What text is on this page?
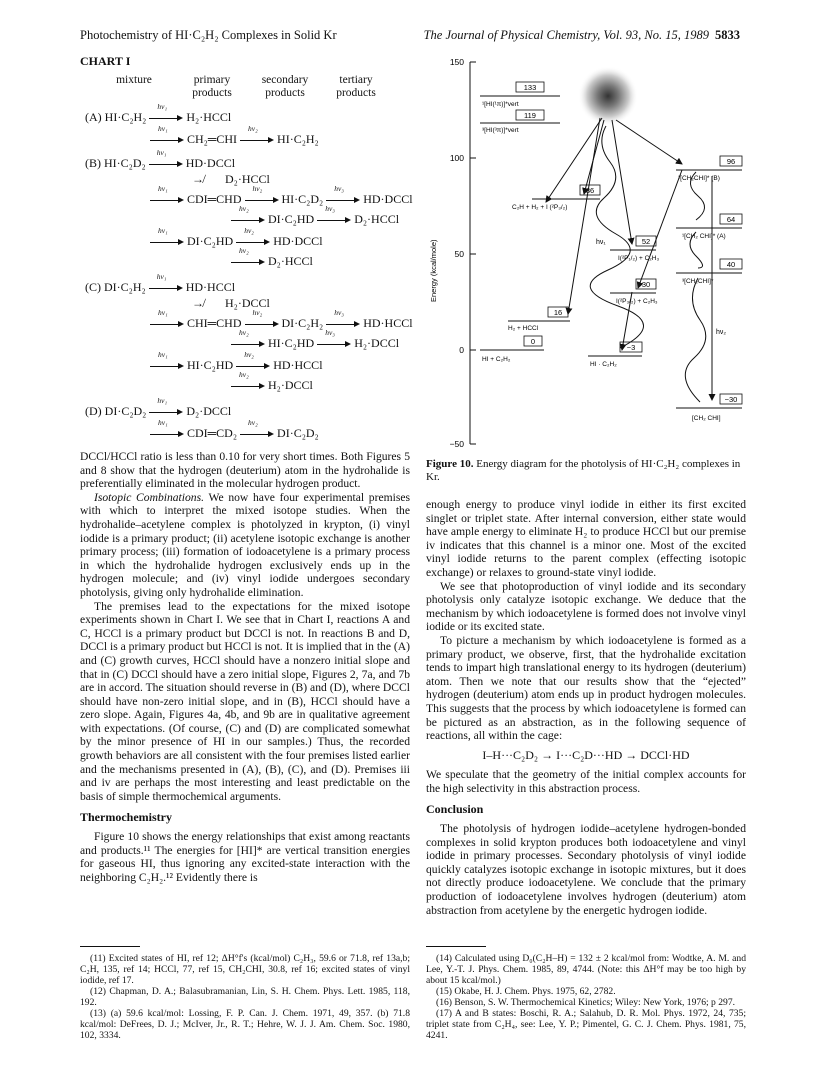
Photochemistry of HI·C₂H₂ Complexes in Solid Kr	The Journal of Physical Chemistry, Vol. 93, No. 15, 1989 5833
CHART I
mixture	primary products
secondary products
tertiary products
(A) HI·C₂H₂
hν₁
H₂·HCCl
hν₁
CH₂═CHI
hν₂
HI·C₂H₂
(B) HI·C₂D₂
hν₁
HD·DCCl
↛ D₂·HCCl
hν₁
CDI═CHD
hν₂
HI·C₂D₂
hν₃
HD·DCCl
hν₂
DI·C₂HD
hν₃
D₂·HCCl
hν₁
DI·C₂HD
hν₂
HD·DCCl
hν₂
D₂·HCCl
(C) DI·C₂H₂
hν₁
HD·HCCl
↛ H₂·DCCl
hν₁
CHI═CHD
hν₂
DI·C₂H₂
hν₃
HD·HCCl
hν₂
HI·C₂HD
hν₃
H₂·DCCl
hν₁
HI·C₂HD
hν₂
HD·HCCl
hν₂
H₂·DCCl
(D) DI·C₂D₂
hν₁
D₂·DCCl
hν₁
CDI═CD₂
hν₂
DI·C₂D₂

DCCl/HCCl ratio is less than 0.10 for very short times. Both Figures 5 and 8 show that the hydrogen (deuterium) atom in the hydrohalide is preferentially eliminated in the molecular hydrogen product.

Isotopic Combinations. We now have four experimental premises with which to interpret the mixed isotope studies. When the hydrohalide–acetylene complex is photolyzed in krypton, (i) vinyl iodide is a primary product; (ii) acetylene isotopic exchange is another primary process; (iii) formation of iodoacetylene is a primary process in which the hydrohalide hydrogen exclusively ends up in the hydrogen molecule; and (iv) vinyl iodide undergoes secondary photolysis, giving only hydrohalide elimination.

The premises lead to the expectations for the mixed isotope experiments shown in Chart I. We see that in Chart I, reactions A and C, HCCl is a primary product but DCCl is not. In reactions B and D, DCCl is a primary product but HCCl is not. It is implied that in the (A) and (C) growth curves, HCCl should have a nonzero initial slope and that in (C) DCCl should have a zero initial slope, Figures 2, 7a, and 7b are in accord. The situation should reverse in (B) and (D), where DCCl should have non-zero initial slope, and in (B), HCCl should have a zero slope. Again, Figures 4a, 4b, and 9b are in qualitative agreement with expectations. (Of course, (C) and (D) are complicated somewhat by the minor presence of HI in our samples.) Thus, the recorded growth behaviors are all consistent with the four premises listed earlier and the mechanisms presented in (A), (B), (C), and (D). Premises iii and iv are perhaps the most interesting and least predictable on the basis of simple thermochemical arguments.

Thermochemistry

Figure 10 shows the energy relationships that exist among reactants and products.¹¹ The energies for [HI]* are vertical transition energies for gaseous HI, thus ignoring any excited-state interaction with the neighboring C₂H₂.¹² Evidently there is

(11) Excited states of HI, ref 12; ΔH°f's (kcal/mol) C₂H₃, 59.6 or 71.8, ref 13a,b; C₂H, 135, ref 14; HCCl, 77, ref 15, CH₂CHI, 30.8, ref 16; excited states of vinyl iodide, ref 17.

(12) Chapman, D. A.; Balasubramanian, Lin, S. H. Chem. Phys. Lett. 1985, 118, 192.

(13) (a) 59.6 kcal/mol: Lossing, F. P. Can. J. Chem. 1971, 49, 357. (b) 71.8 kcal/mol: DeFrees, D. J.; McIver, Jr., R. T.; Hehre, W. J. J. Am. Chem. Soc. 1980, 102, 3334.

150
100
50
0
−50
Energy (kcal/mole)
133
¹[HI(¹π)]*vert
119
³[HI(³π)]*vert
86
C₂H + H₂ + I (²P₃/₂)
96
¹[CH₂CHI]* (B)
64
¹[CH₂ CHI]* (A)
52
I(²P₁/₂) + C₂H₃
40
³[CH₂CHI]*
30
I(²P₃/₂) + C₂H₃
16
H₂ + HCCl
0
HI + C₂H₂
−3
HI · C₂H₂
−30
[CH₂ CHI]
hν₁
hν₂
Figure 10. Energy diagram for the photolysis of HI·C₂H₂ complexes in Kr.

enough energy to produce vinyl iodide in either its first excited singlet or triplet state. After internal conversion, either state would have ample energy to eliminate H₂ to produce HCCl but our premise iv indicates that this channel is a minor one. Most of the excited vinyl iodide returns to the parent complex (effecting isotopic exchange) or relaxes to ground-state vinyl iodide.

We see that photoproduction of vinyl iodide and its secondary photolysis only catalyze isotopic exchange. We deduce that the mechanism by which iodoacetylene is formed does not involve vinyl iodide or its excited state.

To picture a mechanism by which iodoacetylene is formed as a primary product, we observe, first, that the hydrohalide excitation tends to impart high translational energy to its hydrogen (deuterium) atom. Then we note that our results show that the “ejected” hydrogen (deuterium) atom ends up in product hydrogen molecules. This suggests that the process by which iodoacetylene is formed can be pictured as an abstraction, as in the following sequence of reactions, all within the cage:

I–H···C₂D₂ → I···C₂D···HD → DCCl·HD

We speculate that the geometry of the initial complex accounts for the high selectivity in this abstraction process.

Conclusion

The photolysis of hydrogen iodide–acetylene hydrogen-bonded complexes in solid krypton produces both iodoacetylene and vinyl iodide in primary processes. Secondary photolysis of vinyl iodide quickly catalyzes isotopic exchange in isotopic mixtures, but it does not directly produce iodoacetylene. We conclude that the primary production of iodoacetylene involves hydrogen (deuterium) atom abstraction from acetylene by the energetic hydrogen iodide.

(14) Calculated using D₀(C₂H–H) = 132 ± 2 kcal/mol from: Wodtke, A. M. and Lee, Y.-T. J. Phys. Chem. 1985, 89, 4744. (Note: this ΔH°f may be too high by about 15 kcal/mol.)

(15) Okabe, H. J. Chem. Phys. 1975, 62, 2782.

(16) Benson, S. W. Thermochemical Kinetics; Wiley: New York, 1976; p 297.

(17) A and B states: Boschi, R. A.; Salahub, D. R. Mol. Phys. 1972, 24, 735; triplet state from C₂H₄, see: Lee, Y. P.; Pimentel, G. C. J. Chem. Phys. 1981, 75, 4241.
